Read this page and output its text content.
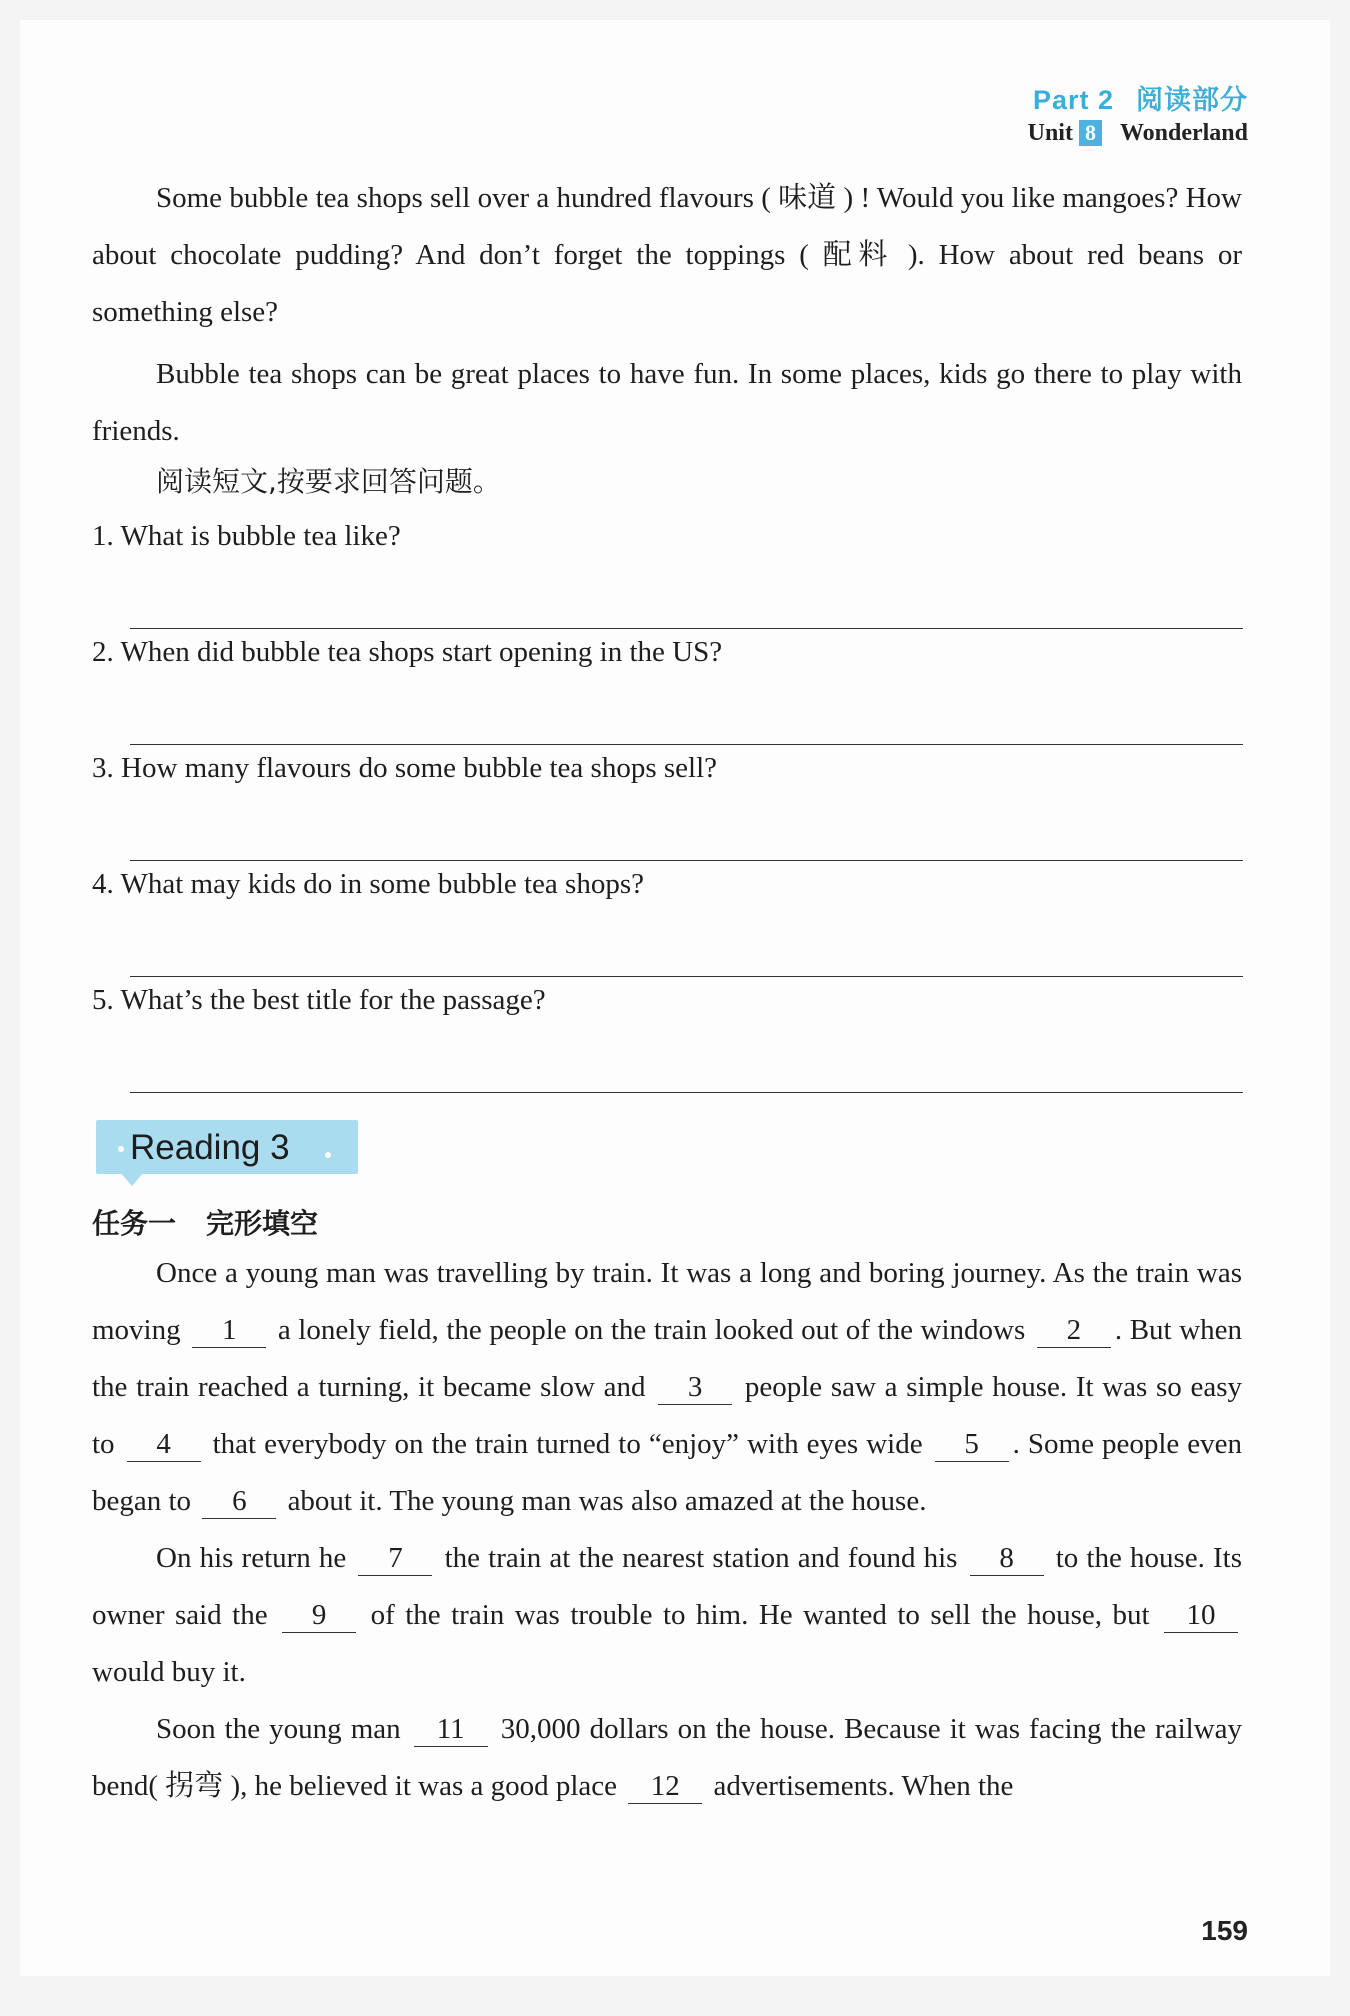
Part 2 阅读部分
Unit 8 Wonderland
Some bubble tea shops sell over a hundred flavours ( 味道 ) ! Would you like mangoes? How about chocolate pudding? And don’t forget the toppings ( 配料 ). How about red beans or something else?
Bubble tea shops can be great places to have fun. In some places, kids go there to play with friends.
阅读短文,按要求回答问题。
1. What is bubble tea like?
2. When did bubble tea shops start opening in the US?
3. How many flavours do some bubble tea shops sell?
4. What may kids do in some bubble tea shops?
5. What’s the best title for the passage?
Reading 3
任务一 完形填空

Once a young man was travelling by train. It was a long and boring journey. As the train was moving 1 a lonely field, the people on the train looked out of the windows 2 . But when the train reached a turning, it became slow and 3 people saw a simple house. It was so easy to 4 that everybody on the train turned to “enjoy” with eyes wide 5 . Some people even began to 6 about it. The young man was also amazed at the house.

On his return he 7 the train at the nearest station and found his 8 to the house. Its owner said the 9 of the train was trouble to him. He wanted to sell the house, but 10 would buy it.

Soon the young man 11 30,000 dollars on the house. Because it was facing the railway bend( 拐弯 ), he believed it was a good place 12 advertisements. When the

159
